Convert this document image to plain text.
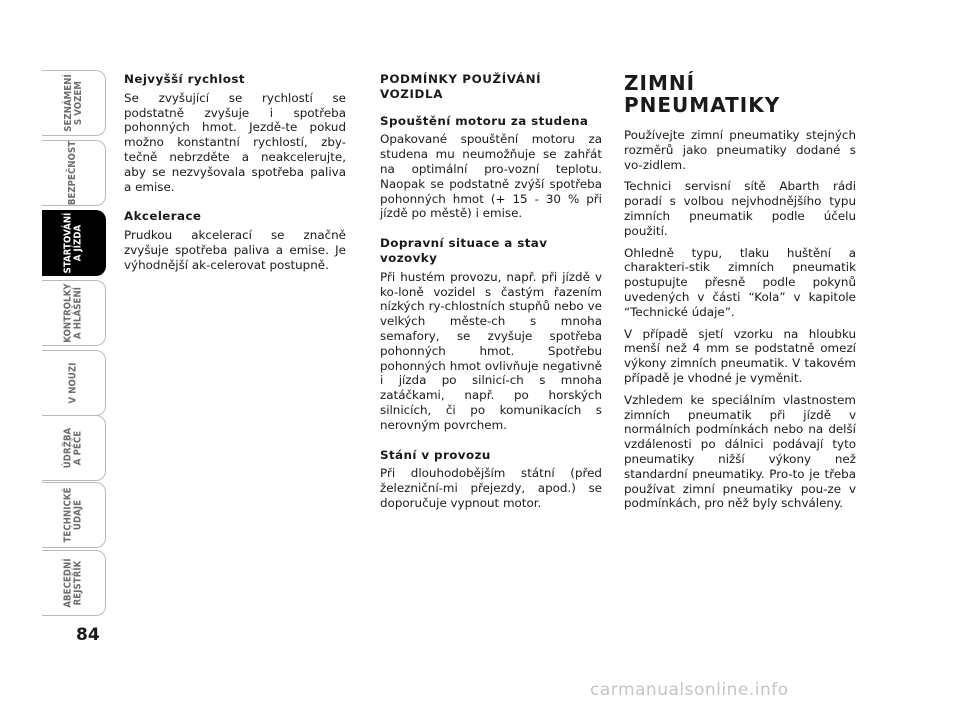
SEZNÁMENÍ
S VOZEM
BEZPEČNOST
STARTOVÁNÍ
A JÍZDA
KONTROLKY
A HLÁŠENÍ
V NOUZI
ÚDRŽBA
A PÉČE
TECHNICKÉ
ÚDAJE
ABECEDNÍ
REJSTŘÍK
84
Nejvyšší rychlost

Se zvyšující se rychlostí se podstatně zvyšuje i spotřeba pohonných hmot. Jezdě-te pokud možno konstantní rychlostí, zby-tečně nebrzděte a neakcelerujte, aby se nezvyšovala spotřeba paliva a emise.

Akcelerace

Prudkou akcelerací se značně zvyšuje spotřeba paliva a emise. Je výhodnější ak-celerovat postupně.

PODMÍNKY POUŽÍVÁNÍ VOZIDLA
Spouštění motoru za studena

Opakované spouštění motoru za studena mu neumožňuje se zahřát na optimální pro-vozní teplotu. Naopak se podstatně zvýší spotřeba pohonných hmot (+ 15 - 30 % při jízdě po městě) i emise.

Dopravní situace a stav vozovky

Při hustém provozu, např. při jízdě v ko-loně vozidel s častým řazením nízkých ry-chlostních stupňů nebo ve velkých měste-ch s mnoha semafory, se zvyšuje spotřeba pohonných hmot. Spotřebu pohonných hmot ovlivňuje negativně i jízda po silnicí-ch s mnoha zatáčkami, např. po horských silnicích, či po komunikacích s nerovným povrchem.

Stání v provozu

Při dlouhodobějším státní (před železniční-mi přejezdy, apod.) se doporučuje vypnout motor.

ZIMNÍ PNEUMATIKY

Používejte zimní pneumatiky stejných rozměrů jako pneumatiky dodané s vo-zidlem.

Technici servisní sítě Abarth rádi poradí s volbou nejvhodnějšího typu zimních pneumatik podle účelu použití.

Ohledně typu, tlaku huštění a charakteri-stik zimních pneumatik postupujte přesně podle pokynů uvedených v části “Kola” v kapitole “Technické údaje”.

V případě sjetí vzorku na hloubku menší než 4 mm se podstatně omezí výkony zimních pneumatik. V takovém případě je vhodné je vyměnit.

Vzhledem ke speciálním vlastnostem zimních pneumatik při jízdě v normálních podmínkách nebo na delší vzdálenosti po dálnici podávají tyto pneumatiky nižší výkony než standardní pneumatiky. Pro-to je třeba používat zimní pneumatiky pou-ze v podmínkách, pro něž byly schváleny.

carmanualsonline.info
